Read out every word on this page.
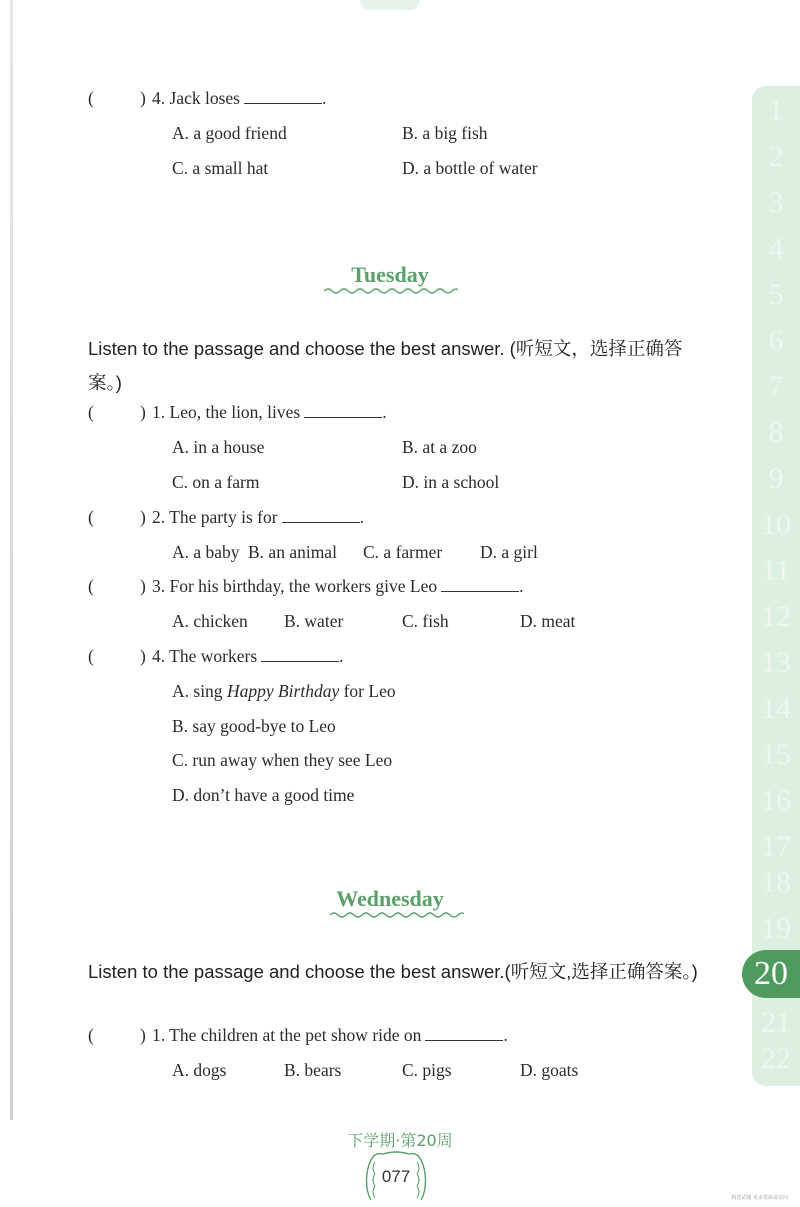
(	) 4. Jack loses	.
A. a good friend	B. a big fish
C. a small hat	D. a bottle of water
Tuesday
Listen to the passage and choose the best answer. (听短文，选择正确答案。)
(	) 1. Leo, the lion, lives	.
A. in a house	B. at a zoo
C. on a farm	D. in a school
(	) 2. The party is for	.
A. a baby B. an animal C. a farmer D. a girl
(	) 3. For his birthday, the workers give Leo	.
A. chicken B. water	C. fish	D. meat
(	) 4. The workers	.
A. sing Happy Birthday for Leo
B. say good-bye to Leo
C. run away when they see Leo
D. don’t have a good time
Wednesday
Listen to the passage and choose the best answer.(听短文,选择正确答案。)
(	) 1. The children at the pet show ride on	.
A. dogs	B. bears	C. pigs	D. goats
1
2
3
4
5
6
7
8
9
10
11
12
13
14
15
16
17
18
19
20
21
22
下学期·第20周
077
精选试题 更多资源请访问
